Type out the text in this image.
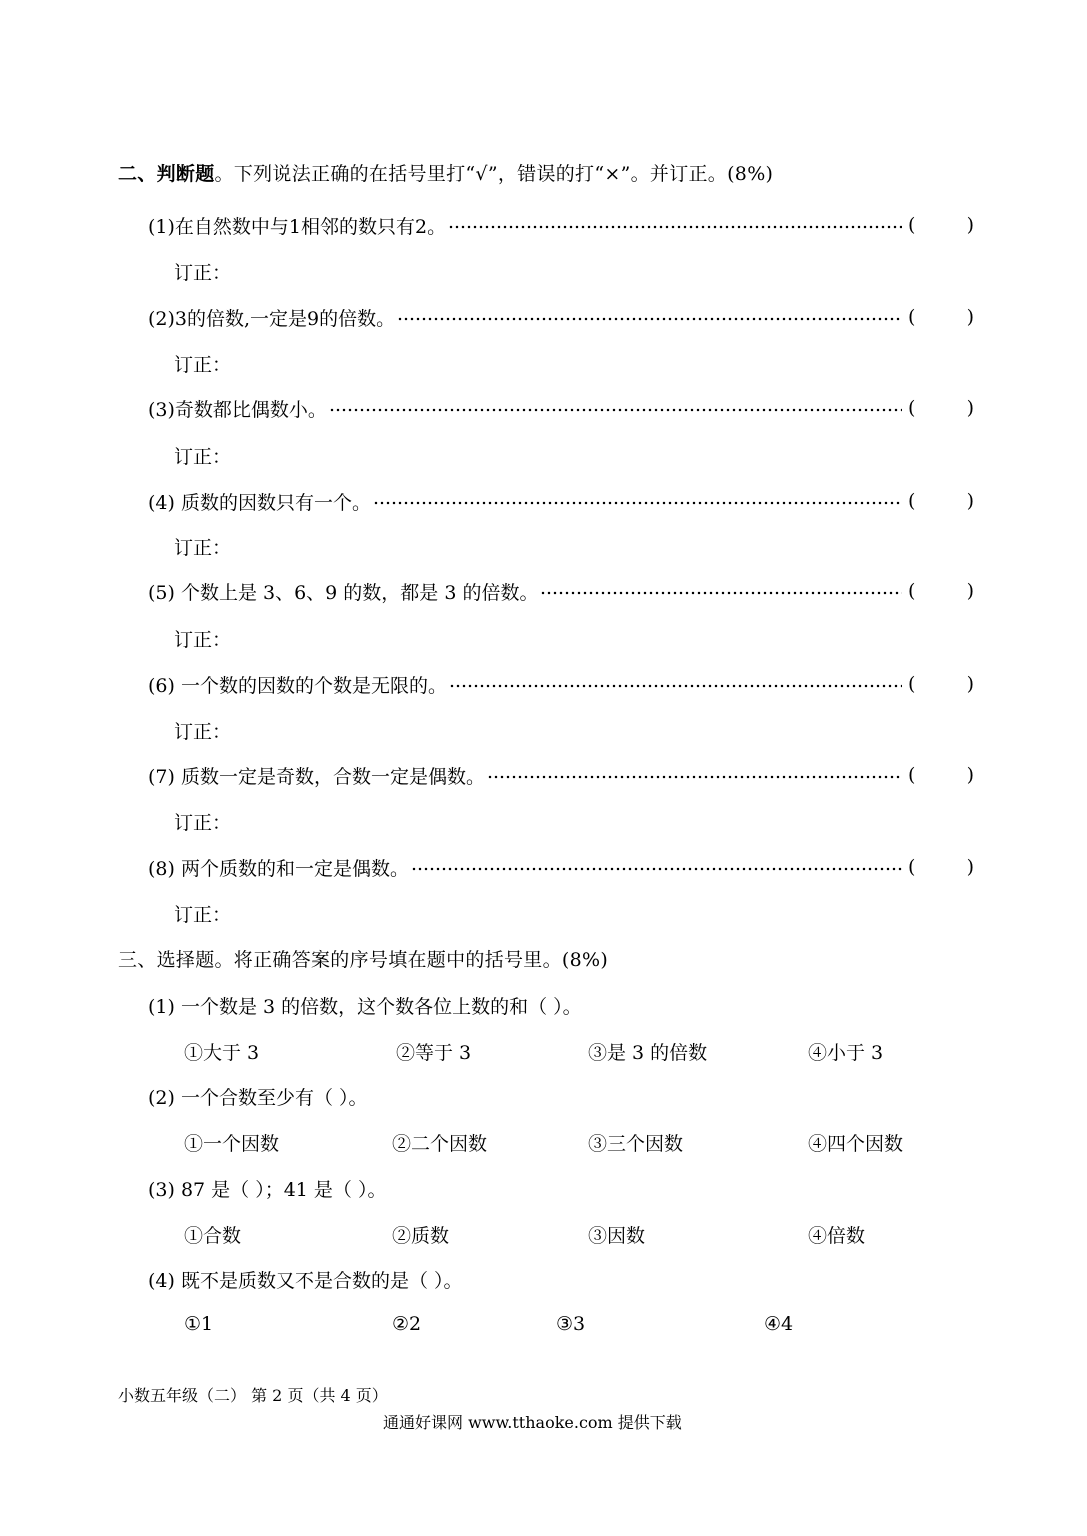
二、判断题。下列说法正确的在括号里打“√”，错误的打“×”。并订正。(8%)
(1)在自然数中与1相邻的数只有2。	(	)
订正：
(2)3的倍数,一定是9的倍数。	(	)
订正：
(3)奇数都比偶数小。	(	)
订正：
(4) 质数的因数只有一个。	(	)
订正：
(5) 个数上是 3、6、9 的数，都是 3 的倍数。	(	)
订正：
(6) 一个数的因数的个数是无限的。	(	)
订正：
(7) 质数一定是奇数，合数一定是偶数。	(	)
订正：
(8) 两个质数的和一定是偶数。	(	)
订正：
三、选择题。将正确答案的序号填在题中的括号里。(8%)
(1) 一个数是 3 的倍数，这个数各位上数的和（ ）。
①大于 3	②等于 3	③是 3 的倍数	④小于 3
(2) 一个合数至少有（ ）。
①一个因数	②二个因数	③三个因数	④四个因数
(3) 87 是（ ）；41 是（ ）。
①合数	②质数	③因数	④倍数
(4) 既不是质数又不是合数的是（ ）。
①1	②2	③3	④4
小数五年级（二） 第 2 页（共 4 页）
通通好课网 www.tthaoke.com 提供下载
